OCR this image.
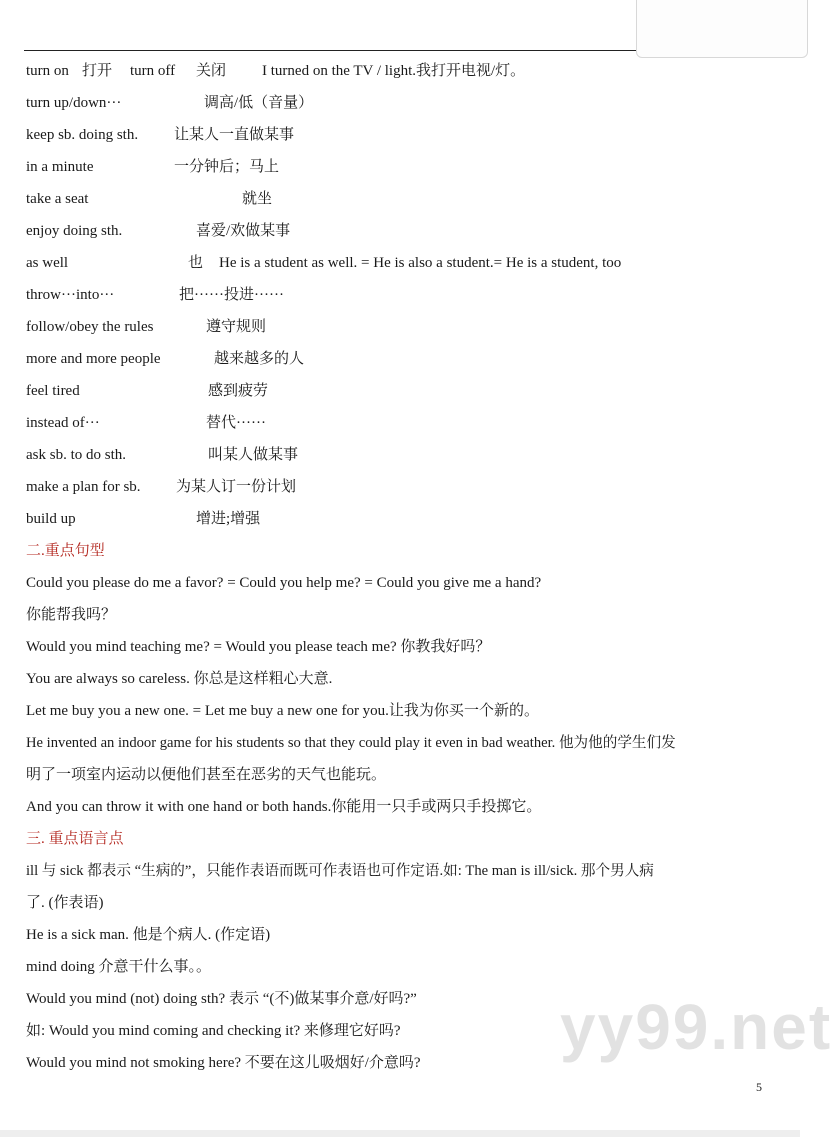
turn on 打开 turn off 关闭 I turned on the TV / light.我打开电视/灯。
turn up/down···	调高/低（音量）
keep sb. doing sth. 让某人一直做某事
in a minute	一分钟后；马上
take a seat	就坐
enjoy doing sth.	喜爱/欢做某事
as well	也 He is a student as well. = He is also a student.= He is a student, too
throw···into···	把······投进······
follow/obey the rules	遵守规则
more and more people	越来越多的人
feel tired	感到疲劳
instead of···	替代······
ask sb. to do sth.	叫某人做某事
make a plan for sb. 为某人订一份计划
build up	增进;增强
二.重点句型
Could you please do me a favor? = Could you help me? = Could you give me a hand?
你能帮我吗？
Would you mind teaching me? = Would you please teach me? 你教我好吗？
You are always so careless. 你总是这样粗心大意.
Let me buy you a new one. = Let me buy a new one for you.让我为你买一个新的。
He invented an indoor game for his students so that they could play it even in bad weather. 他为他的学生们发
明了一项室内运动以便他们甚至在恶劣的天气也能玩。
And you can throw it with one hand or both hands.你能用一只手或两只手投掷它。
三. 重点语言点
ill 与 sick 都表示 “生病的”，只能作表语而既可作表语也可作定语.如: The man is ill/sick. 那个男人病
了. (作表语)
He is a sick man. 他是个病人. (作定语)
mind doing 介意干什么事。。
Would you mind (not) doing sth? 表示 “(不)做某事介意/好吗?”
如: Would you mind coming and checking it? 来修理它好吗?
Would you mind not smoking here? 不要在这儿吸烟好/介意吗? yy99.net
5
